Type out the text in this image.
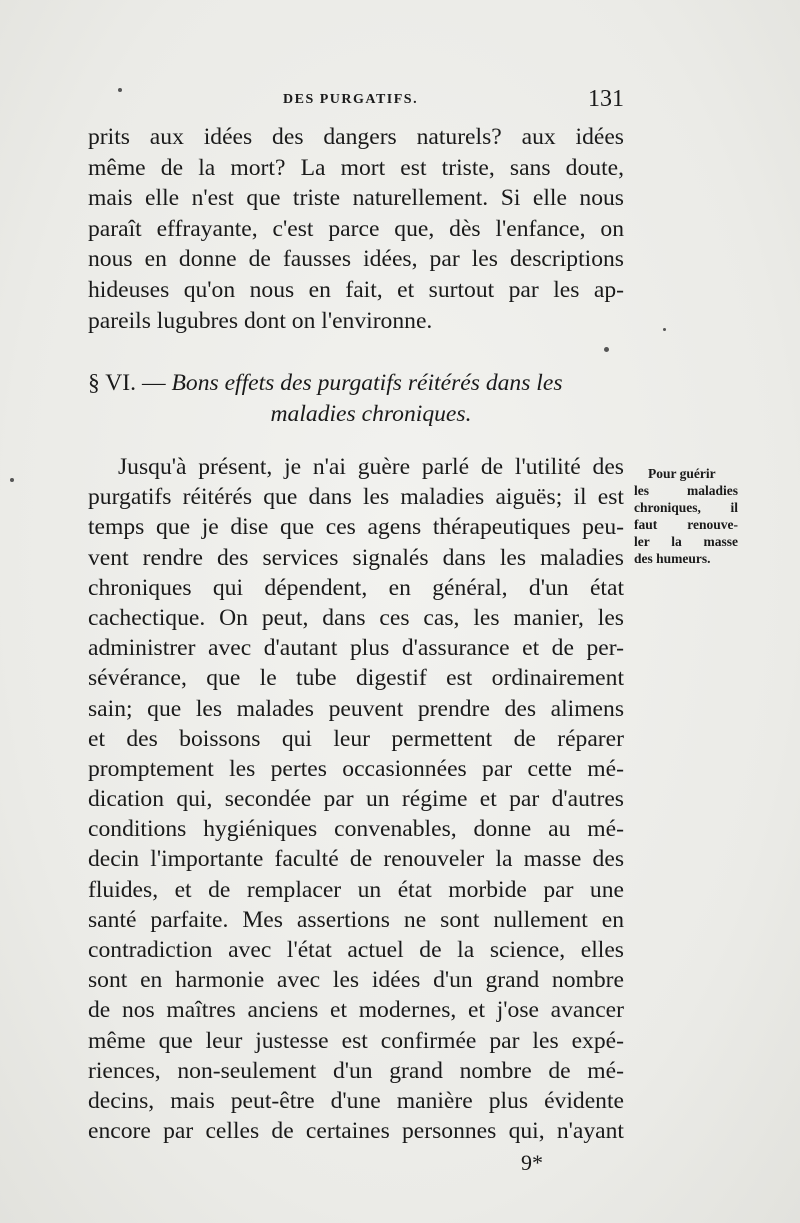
DES PURGATIFS.	131
prits aux idées des dangers naturels? aux idées
même de la mort? La mort est triste, sans doute,
mais elle n'est que triste naturellement. Si elle nous
paraît effrayante, c'est parce que, dès l'enfance, on
nous en donne de fausses idées, par les descriptions
hideuses qu'on nous en fait, et surtout par les ap-
pareils lugubres dont on l'environne.
§ VI. — Bons effets des purgatifs réitérés dans les
maladies chroniques.
Jusqu'à présent, je n'ai guère parlé de l'utilité des
purgatifs réitérés que dans les maladies aiguës; il est
temps que je dise que ces agens thérapeutiques peu-
vent rendre des services signalés dans les maladies
chroniques qui dépendent, en général, d'un état
cachectique. On peut, dans ces cas, les manier, les
administrer avec d'autant plus d'assurance et de per-
sévérance, que le tube digestif est ordinairement
sain; que les malades peuvent prendre des alimens
et des boissons qui leur permettent de réparer
promptement les pertes occasionnées par cette mé-
dication qui, secondée par un régime et par d'autres
conditions hygiéniques convenables, donne au mé-
decin l'importante faculté de renouveler la masse des
fluides, et de remplacer un état morbide par une
santé parfaite. Mes assertions ne sont nullement en
contradiction avec l'état actuel de la science, elles
sont en harmonie avec les idées d'un grand nombre
de nos maîtres anciens et modernes, et j'ose avancer
même que leur justesse est confirmée par les expé-
riences, non-seulement d'un grand nombre de mé-
decins, mais peut-être d'une manière plus évidente
encore par celles de certaines personnes qui, n'ayant
Pour guérir
les maladies
chroniques, il
faut renouve-
ler la masse
des humeurs.
9*
